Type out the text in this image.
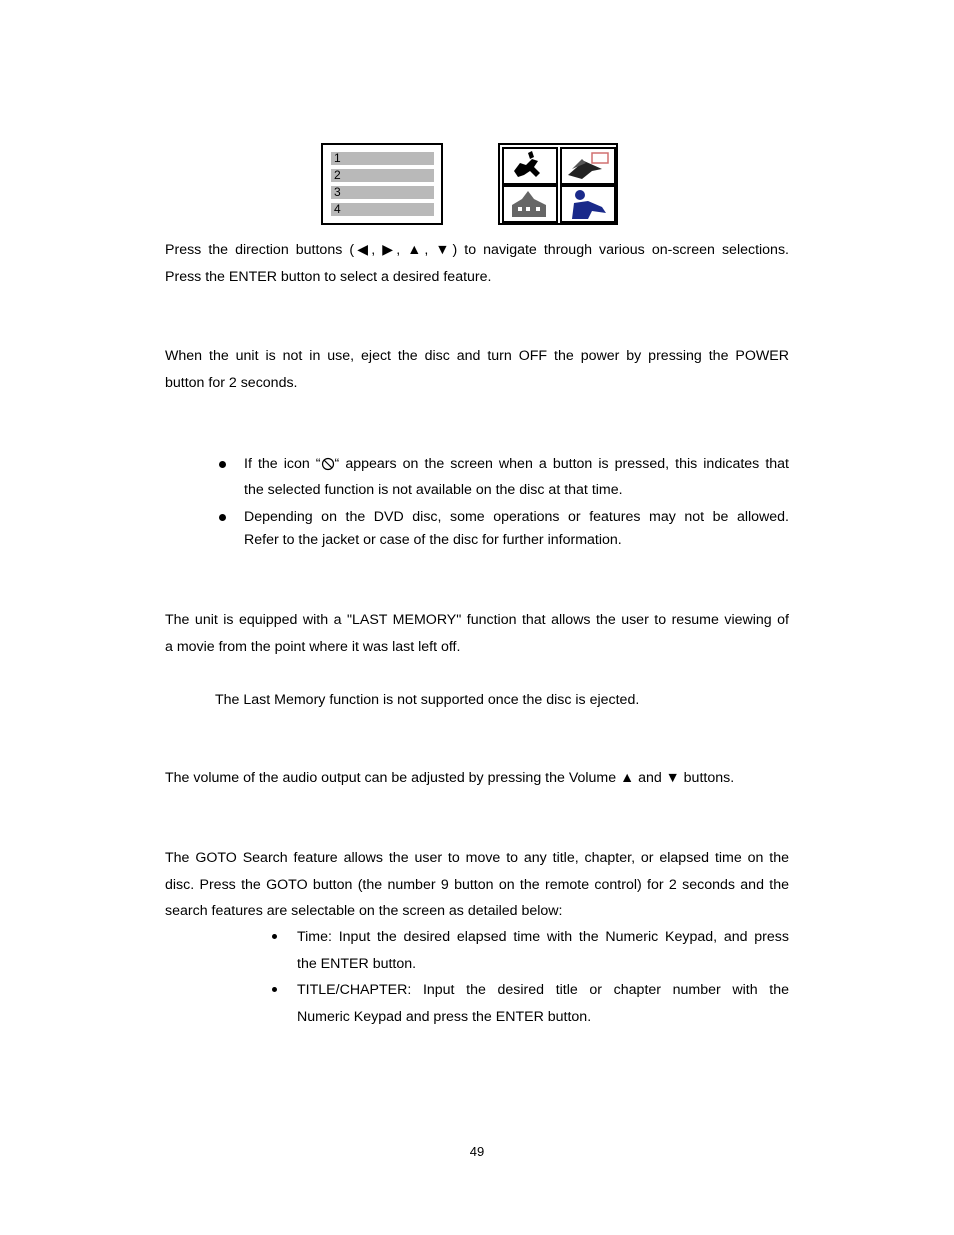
1
2
3
4
Press the direction buttons (◀, ▶, ▲, ▼) to navigate through various on-screen selections.
Press the ENTER button to select a desired feature.
When the unit is not in use, eject the disc and turn OFF the power by pressing the POWER
button for 2 seconds.
If the icon “ “ appears on the screen when a button is pressed, this indicates that
the selected function is not available on the disc at that time.
Depending on the DVD disc, some operations or features may not be allowed.
Refer to the jacket or case of the disc for further information.
The unit is equipped with a "LAST MEMORY" function that allows the user to resume viewing of
a movie from the point where it was last left off.
The Last Memory function is not supported once the disc is ejected.
The volume of the audio output can be adjusted by pressing the Volume ▲ and ▼ buttons.
The GOTO Search feature allows the user to move to any title, chapter, or elapsed time on the
disc. Press the GOTO button (the number 9 button on the remote control) for 2 seconds and the
search features are selectable on the screen as detailed below:
Time: Input the desired elapsed time with the Numeric Keypad, and press
the ENTER button.
TITLE/CHAPTER: Input the desired title or chapter number with the
Numeric Keypad and press the ENTER button.
49
